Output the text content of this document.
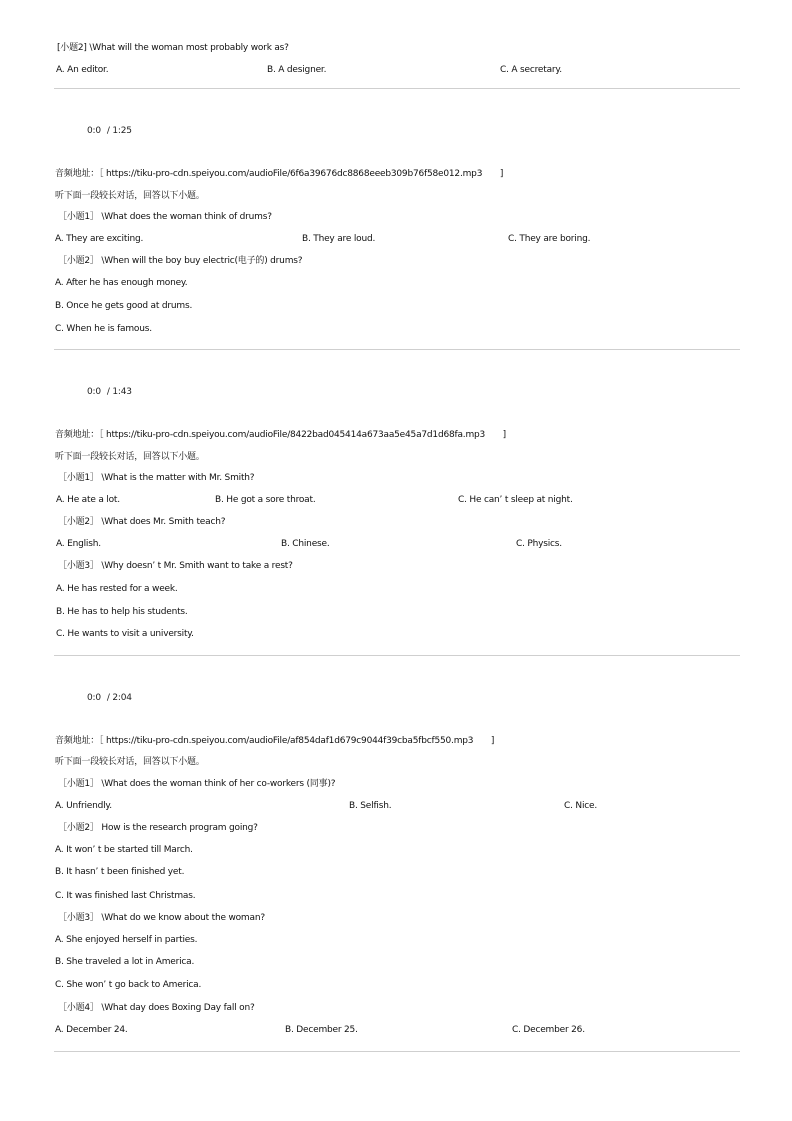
[小题2] \What will the woman most probably work as?
A. An editor.	B. A designer.	C. A secretary.
0:0 / 1:25
音频地址：［ https://tiku-pro-cdn.speiyou.com/audioFile/6f6a39676dc8868eeeb309b76f58e012.mp3　　]
听下面一段较长对话，回答以下小题。
［小题1］ \What does the woman think of drums?
A. They are exciting.	B. They are loud.	C. They are boring.
［小题2］ \When will the boy buy electric(电子的) drums?
A. After he has enough money.
B. Once he gets good at drums.
C. When he is famous.
0:0 / 1:43
音频地址：［ https://tiku-pro-cdn.speiyou.com/audioFile/8422bad045414a673aa5e45a7d1d68fa.mp3　　]
听下面一段较长对话，回答以下小题。
［小题1］ \What is the matter with Mr. Smith?
A. He ate a lot.	B. He got a sore throat.	C. He can’ t sleep at night.
［小题2］ \What does Mr. Smith teach?
A. English.	B. Chinese.	C. Physics.
［小题3］ \Why doesn’ t Mr. Smith want to take a rest?
A. He has rested for a week.
B. He has to help his students.
C. He wants to visit a university.
0:0 / 2:04
音频地址：［ https://tiku-pro-cdn.speiyou.com/audioFile/af854daf1d679c9044f39cba5fbcf550.mp3　　]
听下面一段较长对话，回答以下小题。
［小题1］ \What does the woman think of her co-workers (同事)?
A. Unfriendly.	B. Selfish.	C. Nice.
［小题2］ How is the research program going?
A. It won’ t be started till March.
B. It hasn’ t been finished yet.
C. It was finished last Christmas.
［小题3］ \What do we know about the woman?
A. She enjoyed herself in parties.
B. She traveled a lot in America.
C. She won’ t go back to America.
［小题4］ \What day does Boxing Day fall on?
A. December 24.	B. December 25.	C. December 26.
